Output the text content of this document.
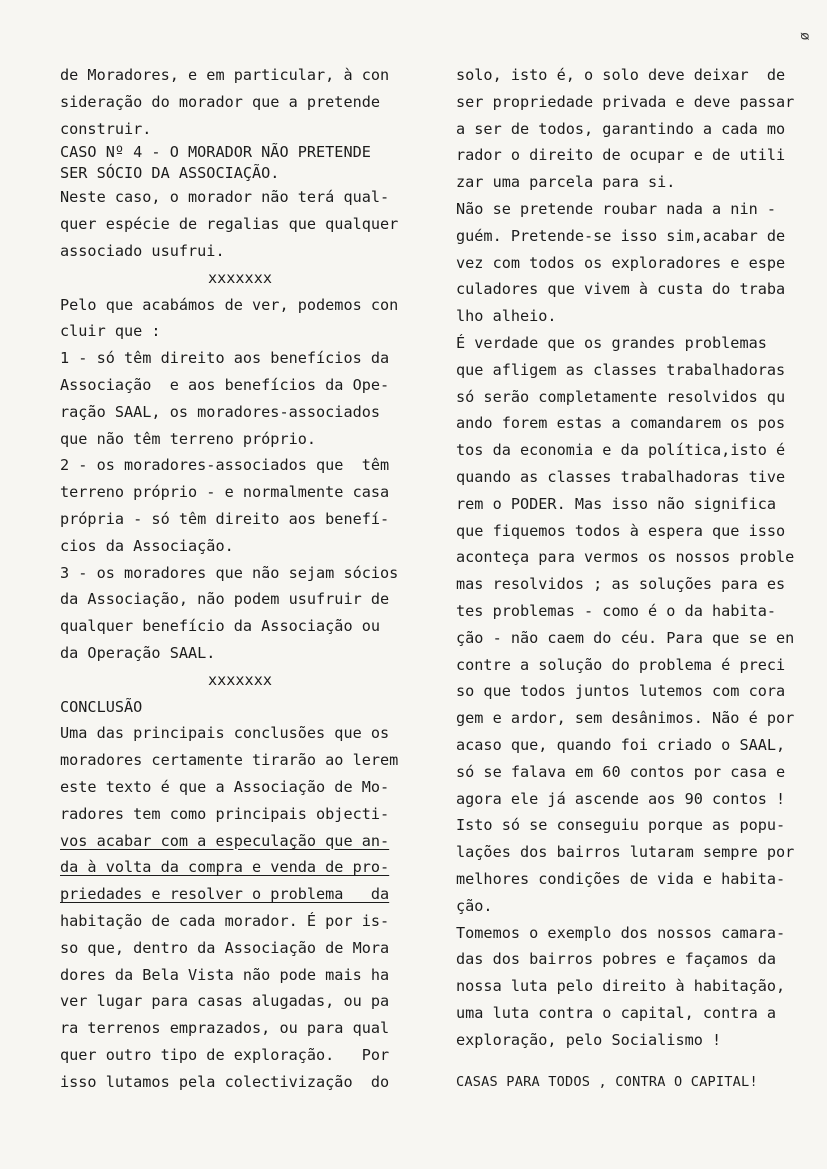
ᴓ
de Moradores, e em particular, à con
sideração do morador que a pretende
construir.
CASO Nº 4 - O MORADOR NÃO PRETENDE
SER SÓCIO DA ASSOCIAÇÃO.
Neste caso, o morador não terá qual-
quer espécie de regalias que qualquer
associado usufrui.
xxxxxxx
Pelo que acabámos de ver, podemos con
cluir que :
1 - só têm direito aos benefícios da
Associação  e aos benefícios da Ope-
ração SAAL, os moradores-associados
que não têm terreno próprio.
2 - os moradores-associados que  têm
terreno próprio - e normalmente casa
própria - só têm direito aos benefí-
cios da Associação.
3 - os moradores que não sejam sócios
da Associação, não podem usufruir de
qualquer benefício da Associação ou
da Operação SAAL.
xxxxxxx
CONCLUSÃO
Uma das principais conclusões que os
moradores certamente tirarão ao lerem
este texto é que a Associação de Mo-
radores tem como principais objecti-
vos acabar com a especulação que an-
da à volta da compra e venda de pro-
priedades e resolver o problema   da
habitação de cada morador. É por is-
so que, dentro da Associação de Mora
dores da Bela Vista não pode mais ha
ver lugar para casas alugadas, ou pa
ra terrenos emprazados, ou para qual
quer outro tipo de exploração.   Por
isso lutamos pela colectivização  do
solo, isto é, o solo deve deixar  de
ser propriedade privada e deve passar
a ser de todos, garantindo a cada mo
rador o direito de ocupar e de utili
zar uma parcela para si.
Não se pretende roubar nada a nin -
guém. Pretende-se isso sim,acabar de
vez com todos os exploradores e espe
culadores que vivem à custa do traba
lho alheio.
É verdade que os grandes problemas
que afligem as classes trabalhadoras
só serão completamente resolvidos qu
ando forem estas a comandarem os pos
tos da economia e da política,isto é
quando as classes trabalhadoras tive
rem o PODER. Mas isso não significa
que fiquemos todos à espera que isso
aconteça para vermos os nossos proble
mas resolvidos ; as soluções para es
tes problemas - como é o da habita-
ção - não caem do céu. Para que se en
contre a solução do problema é preci
so que todos juntos lutemos com cora
gem e ardor, sem desânimos. Não é por
acaso que, quando foi criado o SAAL,
só se falava em 60 contos por casa e
agora ele já ascende aos 90 contos !
Isto só se conseguiu porque as popu-
lações dos bairros lutaram sempre por
melhores condições de vida e habita-
ção.
Tomemos o exemplo dos nossos camara-
das dos bairros pobres e façamos da
nossa luta pelo direito à habitação,
uma luta contra o capital, contra a
exploração, pelo Socialismo !
CASAS PARA TODOS , CONTRA O CAPITAL!
